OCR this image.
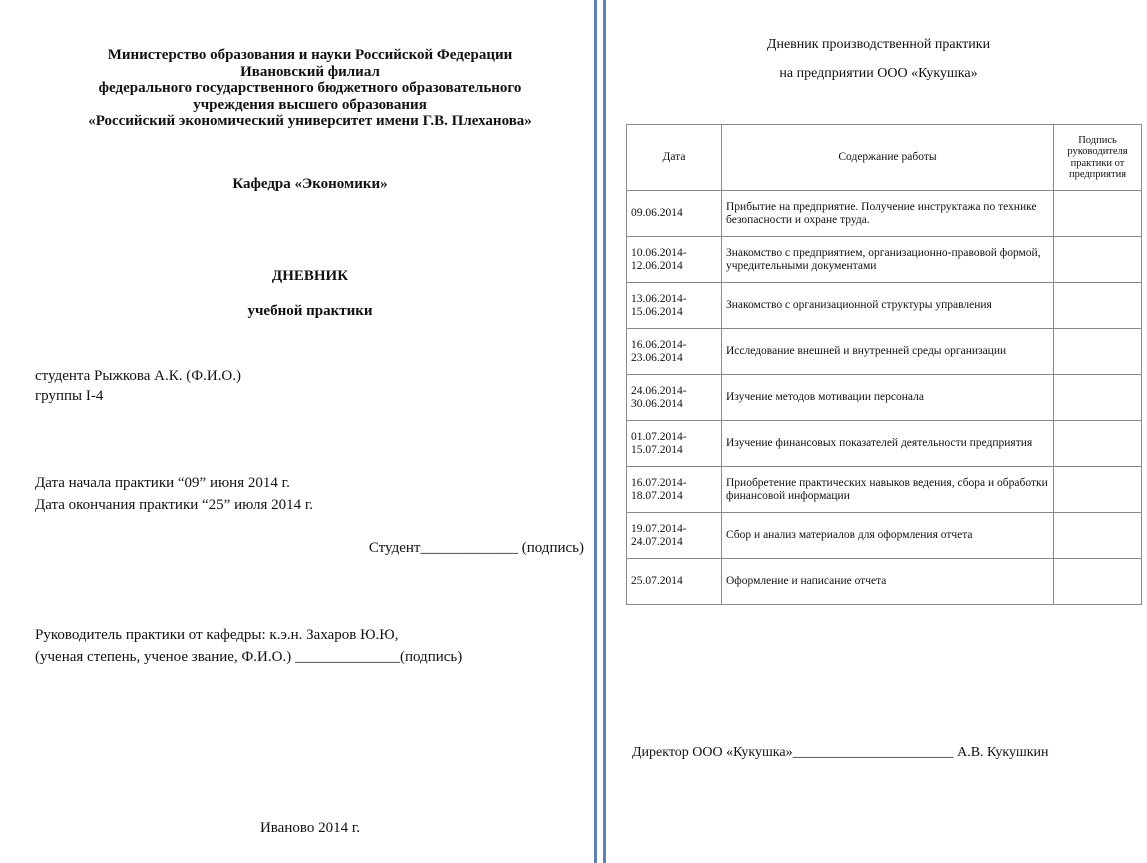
Министерство образования и науки Российской Федерации
Ивановский филиал
федерального государственного бюджетного образовательного
учреждения высшего образования
«Российский экономический университет имени Г.В. Плеханова»
Кафедра «Экономики»
ДНЕВНИК
учебной практики
студента Рыжкова А.К. (Ф.И.О.)
группы I-4
Дата начала практики “09” июня 2014 г.
Дата окончания практики “25” июля 2014 г.
Студент_____________ (подпись)
Руководитель практики от кафедры: к.э.н. Захаров Ю.Ю,
(ученая степень, ученое звание, Ф.И.О.) ______________(подпись)
Иваново 2014 г.
Дневник производственной практики
на предприятии ООО «Кукушка»
Дата	Содержание работы	Подпись руководителя практики от предприятия
09.06.2014	Прибытие на предприятие. Получение инструктажа по технике безопасности и охране труда.	
10.06.2014-
12.06.2014	Знакомство с предприятием, организационно-правовой формой, учредительными документами	
13.06.2014-
15.06.2014	Знакомство с организационной структуры управления	
16.06.2014-
23.06.2014	Исследование внешней и внутренней среды организации	
24.06.2014-
30.06.2014	Изучение методов мотивации персонала	
01.07.2014-
15.07.2014	Изучение финансовых показателей деятельности предприятия	
16.07.2014-
18.07.2014	Приобретение практических навыков ведения, сбора и обработки финансовой информации	
19.07.2014-
24.07.2014	Сбор и анализ материалов для оформления отчета	
25.07.2014	Оформление и написание отчета	
Директор ООО «Кукушка»_______________________ А.В. Кукушкин
